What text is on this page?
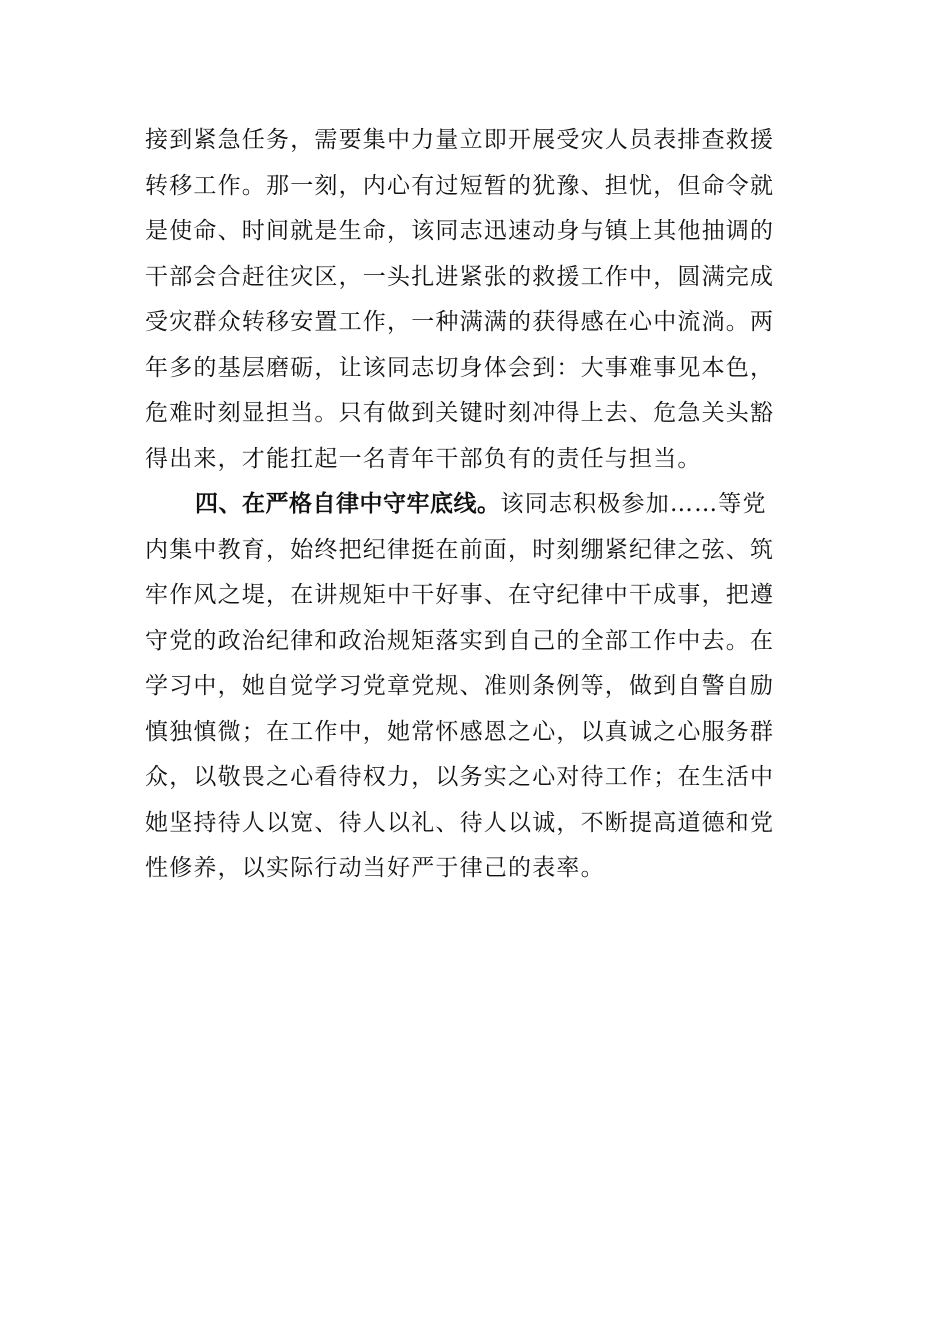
接到紧急任务，需要集中力量立即开展受灾人员表排查救援
转移工作。那一刻，内心有过短暂的犹豫、担忧，但命令就
是使命、时间就是生命，该同志迅速动身与镇上其他抽调的
干部会合赶往灾区，一头扎进紧张的救援工作中，圆满完成
受灾群众转移安置工作，一种满满的获得感在心中流淌。两
年多的基层磨砺，让该同志切身体会到：大事难事见本色，
危难时刻显担当。只有做到关键时刻冲得上去、危急关头豁
得出来，才能扛起一名青年干部负有的责任与担当。
四、在严格自律中守牢底线。该同志积极参加……等党
内集中教育，始终把纪律挺在前面，时刻绷紧纪律之弦、筑
牢作风之堤，在讲规矩中干好事、在守纪律中干成事，把遵
守党的政治纪律和政治规矩落实到自己的全部工作中去。在
学习中，她自觉学习党章党规、准则条例等，做到自警自励
慎独慎微；在工作中，她常怀感恩之心，以真诚之心服务群
众，以敬畏之心看待权力，以务实之心对待工作；在生活中
她坚持待人以宽、待人以礼、待人以诚，不断提高道德和党
性修养，以实际行动当好严于律己的表率。
